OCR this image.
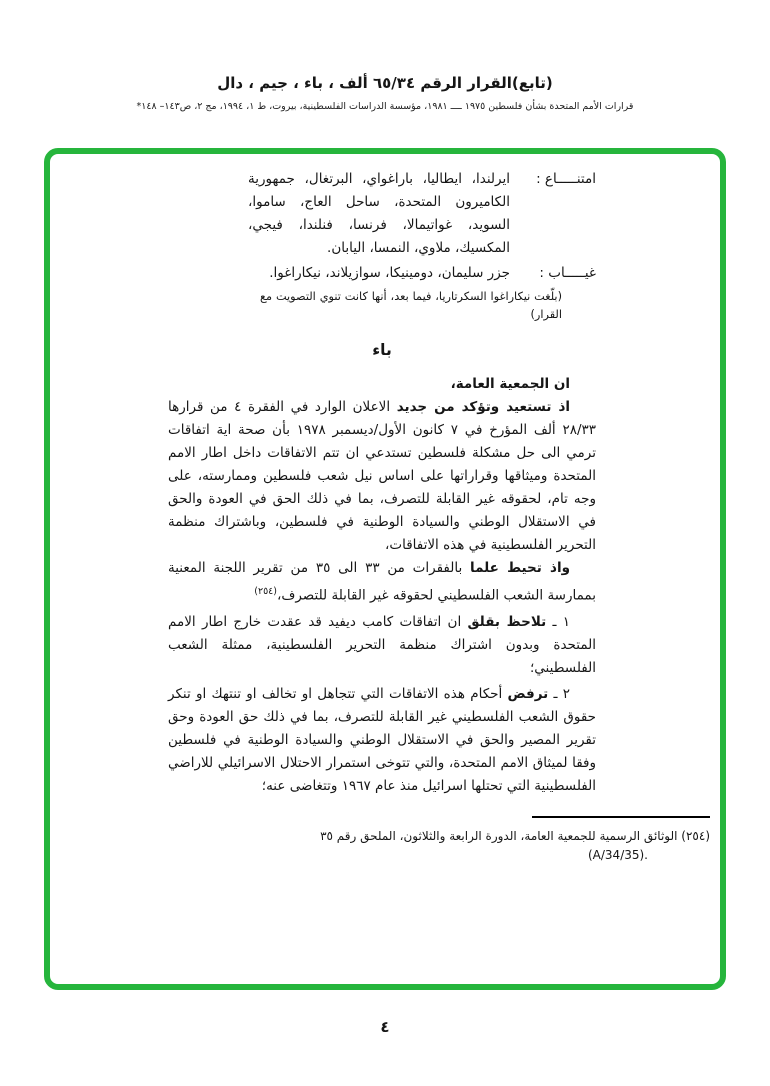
(تابع)القرار الرقم ٦٥/٣٤ ألف ، باء ، جيم ، دال
قرارات الأمم المتحدة بشأن فلسطين ١٩٧٥ ــــ ١٩٨١، مؤسسة الدراسات الفلسطينية، بيروت، ط ١، ١٩٩٤، مج ٢، ص١٤٣– ١٤٨*
امتنـــــاع :
ايرلندا، ايطاليا، باراغواي، البرتغال، جمهورية الكاميرون المتحدة، ساحل العاج، ساموا، السويد، غواتيمالا، فرنسا، فنلندا، فيجي، المكسيك، ملاوي، النمسا، اليابان.
غيـــــاب :
جزر سليمان، دومينيكا، سوازيلاند، نيكاراغوا.

(بلّغت نيكاراغوا السكرتاريا، فيما بعد، أنها كانت تنوي التصويت مع القرار)

باء

ان الجمعية العامة،

اذ تستعيد وتؤكد من جديد الاعلان الوارد في الفقرة ٤ من قرارها ٢٨/٣٣ ألف المؤرخ في ٧ كانون الأول/ديسمبر ١٩٧٨ بأن صحة اية اتفاقات ترمي الى حل مشكلة فلسطين تستدعي ان تتم الاتفاقات داخل اطار الامم المتحدة وميثاقها وقراراتها على اساس نيل شعب فلسطين وممارسته، على وجه تام، لحقوقه غير القابلة للتصرف، بما في ذلك الحق في العودة والحق في الاستقلال الوطني والسيادة الوطنية في فلسطين، وباشتراك منظمة التحرير الفلسطينية في هذه الاتفاقات،

واذ تحيط علما بالفقرات من ٣٣ الى ٣٥ من تقرير اللجنة المعنية بممارسة الشعب الفلسطيني لحقوقه غير القابلة للتصرف،$^{(٢٥٤)}$

١ ـ تلاحظ بقلق ان اتفاقات كامب ديفيد قد عقدت خارج اطار الامم المتحدة وبدون اشتراك منظمة التحرير الفلسطينية، ممثلة الشعب الفلسطيني؛

٢ ـ ترفض أحكام هذه الاتفاقات التي تتجاهل او تخالف او تنتهك او تنكر حقوق الشعب الفلسطيني غير القابلة للتصرف، بما في ذلك حق العودة وحق تقرير المصير والحق في الاستقلال الوطني والسيادة الوطنية في فلسطين وفقا لميثاق الامم المتحدة، والتي تتوخى استمرار الاحتلال الاسرائيلي للاراضي الفلسطينية التي تحتلها اسرائيل منذ عام ١٩٦٧ وتتغاضى عنه؛

(٢٥٤) الوثائق الرسمية للجمعية العامة، الدورة الرابعة والثلاثون، الملحق رقم ٣٥

(A/34/35).

٤
